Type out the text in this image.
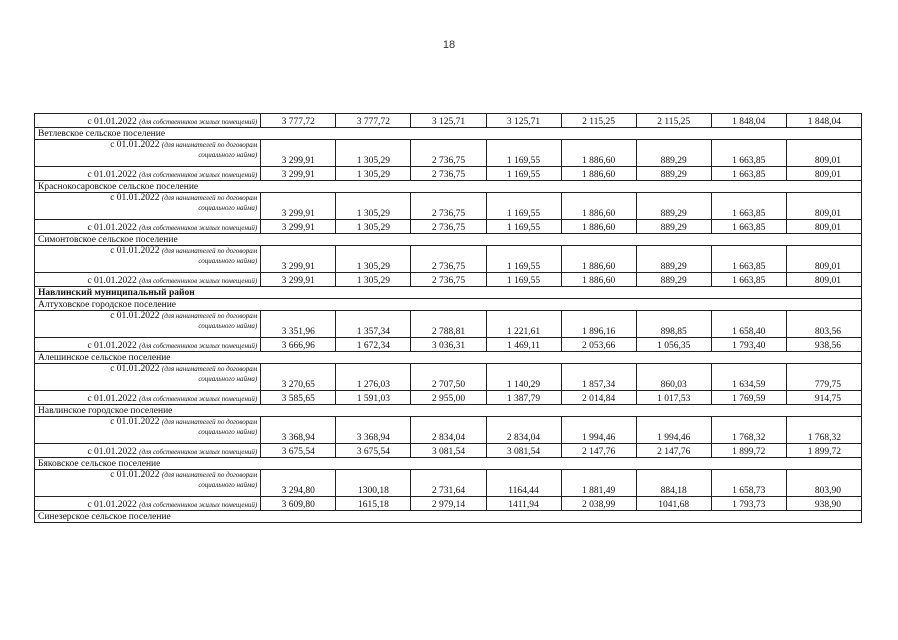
18
с 01.01.2022 (для собственников жилых помещений)	3 777,72	3 777,72	3 125,71	3 125,71	2 115,25	2 115,25	1 848,04	1 848,04
Ветлевское сельское поселение								

с 01.01.2022 (для нанимателей по договорам
социального найма)	3 299,91	1 305,29	2 736,75	1 169,55	1 886,60	889,29	1 663,85	809,01
с 01.01.2022 (для собственников жилых помещений)	3 299,91	1 305,29	2 736,75	1 169,55	1 886,60	889,29	1 663,85	809,01
Краснокосаровское сельское поселение								

с 01.01.2022 (для нанимателей по договорам
социального найма)	3 299,91	1 305,29	2 736,75	1 169,55	1 886,60	889,29	1 663,85	809,01
с 01.01.2022 (для собственников жилых помещений)	3 299,91	1 305,29	2 736,75	1 169,55	1 886,60	889,29	1 663,85	809,01
Симонтовское сельское поселение								

с 01.01.2022 (для нанимателей по договорам
социального найма)	3 299,91	1 305,29	2 736,75	1 169,55	1 886,60	889,29	1 663,85	809,01
с 01.01.2022 (для собственников жилых помещений)	3 299,91	1 305,29	2 736,75	1 169,55	1 886,60	889,29	1 663,85	809,01
Навлинский муниципальный район								
Алтуховское городское поселение								

с 01.01.2022 (для нанимателей по договорам
социального найма)	3 351,96	1 357,34	2 788,81	1 221,61	1 896,16	898,85	1 658,40	803,56
с 01.01.2022 (для собственников жилых помещений)	3 666,96	1 672,34	3 036,31	1 469,11	2 053,66	1 056,35	1 793,40	938,56
Алешинское сельское поселение								

с 01.01.2022 (для нанимателей по договорам
социального найма)	3 270,65	1 276,03	2 707,50	1 140,29	1 857,34	860,03	1 634,59	779,75
с 01.01.2022 (для собственников жилых помещений)	3 585,65	1 591,03	2 955,00	1 387,79	2 014,84	1 017,53	1 769,59	914,75
Навлинское городское поселение								

с 01.01.2022 (для нанимателей по договорам
социального найма)	3 368,94	3 368,94	2 834,04	2 834,04	1 994,46	1 994,46	1 768,32	1 768,32
с 01.01.2022 (для собственников жилых помещений)	3 675,54	3 675,54	3 081,54	3 081,54	2 147,76	2 147,76	1 899,72	1 899,72
Бяковское сельское поселение								

с 01.01.2022 (для нанимателей по договорам
социального найма)	3 294,80	1300,18	2 731,64	1164,44	1 881,49	884,18	1 658,73	803,90
с 01.01.2022 (для собственников жилых помещений)	3 609,80	1615,18	2 979,14	1411,94	2 038,99	1041,68	1 793,73	938,90
Синезерское сельское поселение								
